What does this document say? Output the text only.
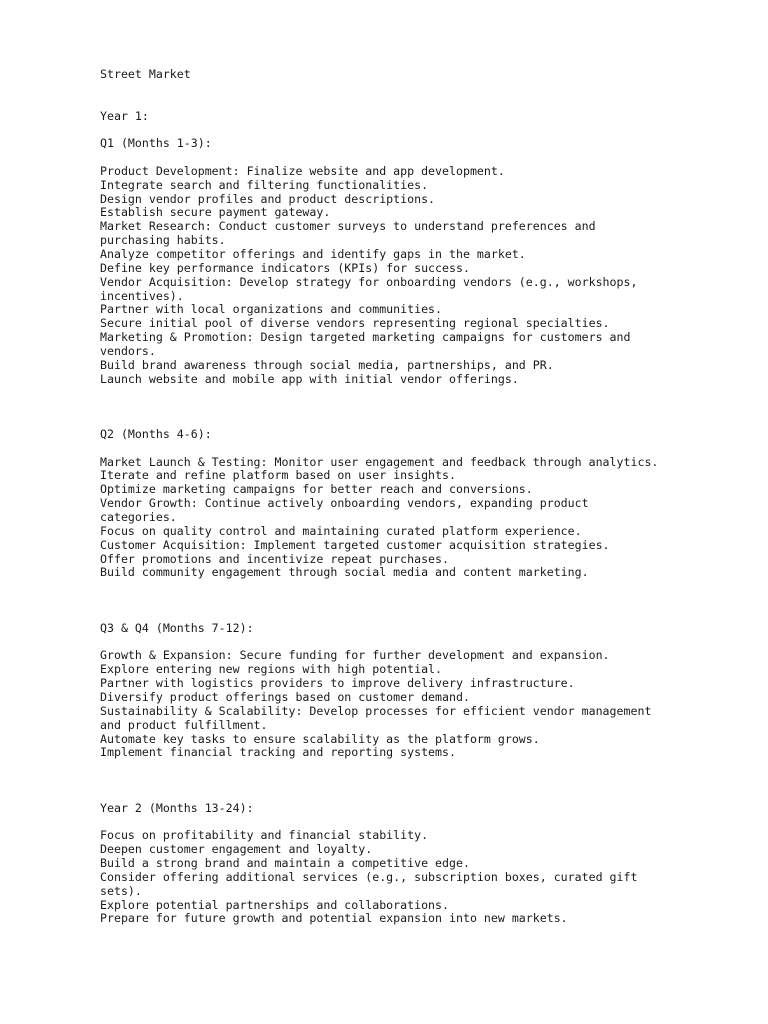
Street Market
Year 1:
Q1 (Months 1-3):
Product Development: Finalize website and app development.
Integrate search and filtering functionalities.
Design vendor profiles and product descriptions.
Establish secure payment gateway.
Market Research: Conduct customer surveys to understand preferences and
purchasing habits.
Analyze competitor offerings and identify gaps in the market.
Define key performance indicators (KPIs) for success.
Vendor Acquisition: Develop strategy for onboarding vendors (e.g., workshops,
incentives).
Partner with local organizations and communities.
Secure initial pool of diverse vendors representing regional specialties.
Marketing & Promotion: Design targeted marketing campaigns for customers and
vendors.
Build brand awareness through social media, partnerships, and PR.
Launch website and mobile app with initial vendor offerings.
Q2 (Months 4-6):
Market Launch & Testing: Monitor user engagement and feedback through analytics.
Iterate and refine platform based on user insights.
Optimize marketing campaigns for better reach and conversions.
Vendor Growth: Continue actively onboarding vendors, expanding product
categories.
Focus on quality control and maintaining curated platform experience.
Customer Acquisition: Implement targeted customer acquisition strategies.
Offer promotions and incentivize repeat purchases.
Build community engagement through social media and content marketing.
Q3 & Q4 (Months 7-12):
Growth & Expansion: Secure funding for further development and expansion.
Explore entering new regions with high potential.
Partner with logistics providers to improve delivery infrastructure.
Diversify product offerings based on customer demand.
Sustainability & Scalability: Develop processes for efficient vendor management
and product fulfillment.
Automate key tasks to ensure scalability as the platform grows.
Implement financial tracking and reporting systems.
Year 2 (Months 13-24):
Focus on profitability and financial stability.
Deepen customer engagement and loyalty.
Build a strong brand and maintain a competitive edge.
Consider offering additional services (e.g., subscription boxes, curated gift
sets).
Explore potential partnerships and collaborations.
Prepare for future growth and potential expansion into new markets.
